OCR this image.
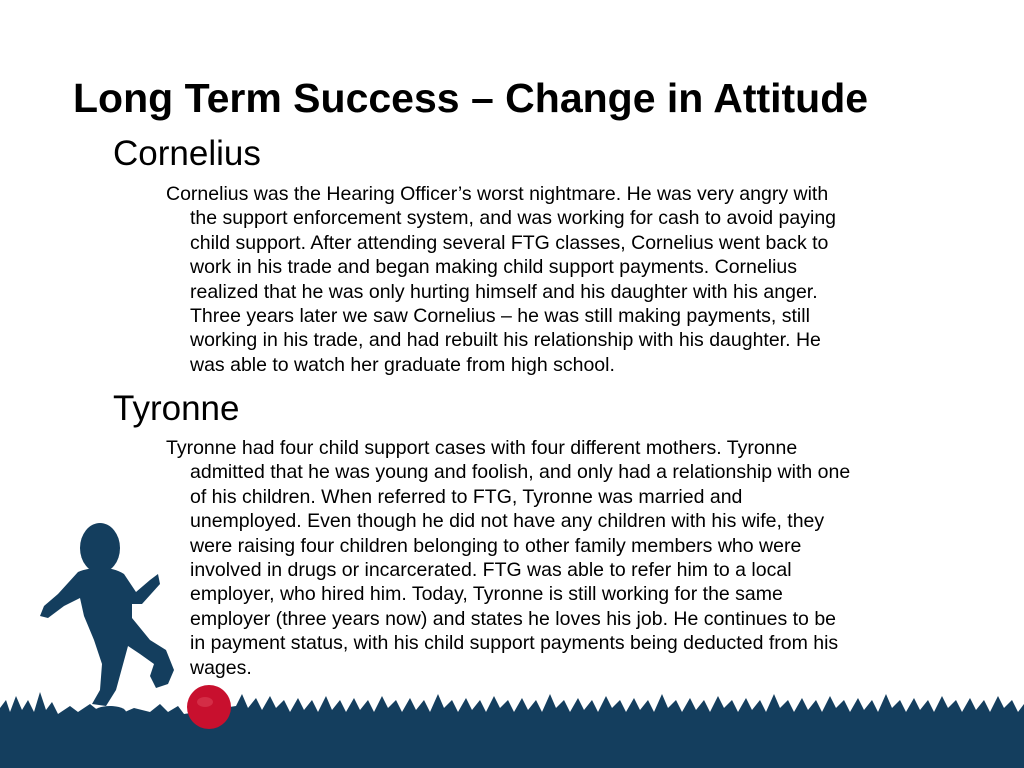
Long Term Success – Change in Attitude
Cornelius
Cornelius was the Hearing Officer’s worst nightmare. He was very angry with
the support enforcement system, and was working for cash to avoid paying
child support. After attending several FTG classes, Cornelius went back to
work in his trade and began making child support payments. Cornelius
realized that he was only hurting himself and his daughter with his anger.
Three years later we saw Cornelius – he was still making payments, still
working in his trade, and had rebuilt his relationship with his daughter. He
was able to watch her graduate from high school.
Tyronne
Tyronne had four child support cases with four different mothers. Tyronne
admitted that he was young and foolish, and only had a relationship with one
of his children. When referred to FTG, Tyronne was married and
unemployed. Even though he did not have any children with his wife, they
were raising four children belonging to other family members who were
involved in drugs or incarcerated. FTG was able to refer him to a local
employer, who hired him. Today, Tyronne is still working for the same
employer (three years now) and states he loves his job. He continues to be
in payment status, with his child support payments being deducted from his
wages.
